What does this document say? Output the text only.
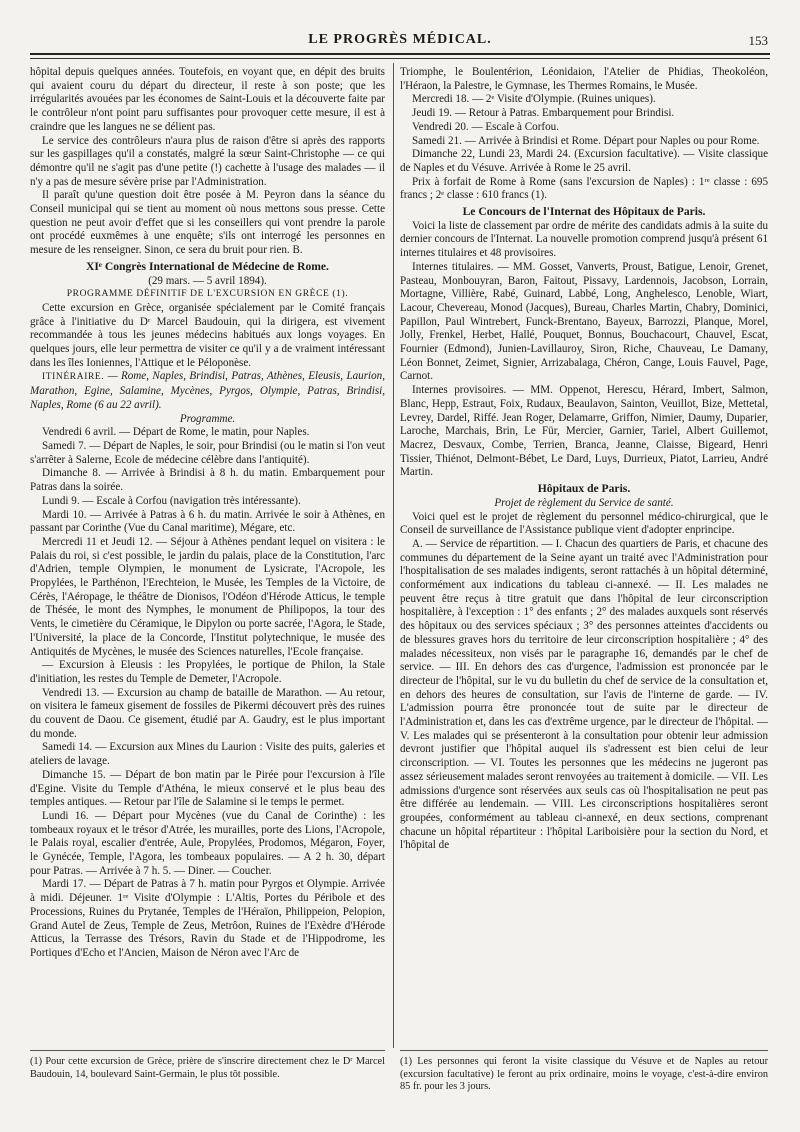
LE PROGRÈS MÉDICAL.	153

hôpital depuis quelques années. Toutefois, en voyant que, en dépit des bruits qui avaient couru du départ du directeur, il reste à son poste; que les irrégularités avouées par les économes de Saint-Louis et la découverte faite par le contrôleur n'ont point paru suffisantes pour provoquer cette mesure, il est à craindre que les langues ne se délient pas.

Le service des contrôleurs n'aura plus de raison d'être si après des rapports sur les gaspillages qu'il a constatés, malgré la sœur Saint-Christophe — ce qui démontre qu'il ne s'agit pas d'une petite (!) cachette à l'usage des malades — il n'y a pas de mesure sévère prise par l'Administration.

Il paraît qu'une question doit être posée à M. Peyron dans la séance du Conseil municipal qui se tient au moment où nous mettons sous presse. Cette question ne peut avoir d'effet que si les conseillers qui vont prendre la parole ont procédé euxmêmes à une enquête; s'ils ont interrogé les personnes en mesure de les renseigner. Sinon, ce sera du bruit pour rien. B.

XIᵉ Congrès International de Médecine de Rome.

(29 mars. — 5 avril 1894).

PROGRAMME DÉFINITIF DE L'EXCURSION EN GRÈCE (1).

Cette excursion en Grèce, organisée spécialement par le Comité français grâce à l'initiative du Dʳ Marcel Baudouin, qui la dirigera, est vivement recommandée à tous les jeunes médecins habitués aux longs voyages. En quelques jours, elle leur permettra de visiter ce qu'il y a de vraiment intéressant dans les îles Ioniennes, l'Attique et le Péloponèse.

ITINÉRAIRE. — Rome, Naples, Brindisi, Patras, Athènes, Eleusis, Laurion, Marathon, Egine, Salamine, Mycènes, Pyrgos, Olympie, Patras, Brindisi, Naples, Rome (6 au 22 avril).

Programme.

Vendredi 6 avril. — Départ de Rome, le matin, pour Naples.

Samedi 7. — Départ de Naples, le soir, pour Brindisi (ou le matin si l'on veut s'arrêter à Salerne, Ecole de médecine célèbre dans l'antiquité).

Dimanche 8. — Arrivée à Brindisi à 8 h. du matin. Embarquement pour Patras dans la soirée.

Lundi 9. — Escale à Corfou (navigation très intéressante).

Mardi 10. — Arrivée à Patras à 6 h. du matin. Arrivée le soir à Athènes, en passant par Corinthe (Vue du Canal maritime), Mégare, etc.

Mercredi 11 et Jeudi 12. — Séjour à Athènes pendant lequel on visitera : le Palais du roi, si c'est possible, le jardin du palais, place de la Constitution, l'arc d'Adrien, temple Olympien, le monument de Lysicrate, l'Acropole, les Propylées, le Parthénon, l'Erechteion, le Musée, les Temples de la Victoire, de Cérès, l'Aéropage, le théâtre de Dionisos, l'Odéon d'Hérode Atticus, le temple de Thésée, le mont des Nymphes, le monument de Philipopos, la tour des Vents, le cimetière du Céramique, le Dipylon ou porte sacrée, l'Agora, le Stade, l'Université, la place de la Concorde, l'Institut polytechnique, le musée des Antiquités de Mycènes, le musée des Sciences naturelles, l'Ecole française.

— Excursion à Eleusis : les Propylées, le portique de Philon, la Stale d'initiation, les restes du Temple de Demeter, l'Acropole.

Vendredi 13. — Excursion au champ de bataille de Marathon. — Au retour, on visitera le fameux gisement de fossiles de Pikermi découvert près des ruines du couvent de Daou. Ce gisement, étudié par A. Gaudry, est le plus important du monde.

Samedi 14. — Excursion aux Mines du Laurion : Visite des puits, galeries et ateliers de lavage.

Dimanche 15. — Départ de bon matin par le Pirée pour l'excursion à l'île d'Egine. Visite du Temple d'Athéna, le mieux conservé et le plus beau des temples antiques. — Retour par l'île de Salamine si le temps le permet.

Lundi 16. — Départ pour Mycènes (vue du Canal de Corinthe) : les tombeaux royaux et le trésor d'Atrée, les murailles, porte des Lions, l'Acropole, le Palais royal, escalier d'entrée, Aule, Propylées, Prodomos, Mégaron, Foyer, le Gynécée, Temple, l'Agora, les tombeaux populaires. — A 2 h. 30, départ pour Patras. — Arrivée à 7 h. 5. — Diner. — Coucher.

Mardi 17. — Départ de Patras à 7 h. matin pour Pyrgos et Olympie. Arrivée à midi. Déjeuner. 1ʳᵉ Visite d'Olympie : L'Altis, Portes du Péribole et des Processions, Ruines du Prytanée, Temples de l'Héraïon, Philippeion, Pelopion, Grand Autel de Zeus, Temple de Zeus, Metrôon, Ruines de l'Exèdre d'Hérode Atticus, la Terrasse des Trésors, Ravin du Stade et de l'Hippodrome, les Portiques d'Echo et l'Ancien, Maison de Néron avec l'Arc de

Triomphe, le Boulentérion, Léonidaion, l'Atelier de Phidias, Theokoléon, l'Héraon, la Palestre, le Gymnase, les Thermes Romains, le Musée.

Mercredi 18. — 2ᵉ Visite d'Olympie. (Ruines uniques).

Jeudi 19. — Retour à Patras. Embarquement pour Brindisi.

Vendredi 20. — Escale à Corfou.

Samedi 21. — Arrivée à Brindisi et Rome. Départ pour Naples ou pour Rome.

Dimanche 22, Lundi 23, Mardi 24. (Excursion facultative). — Visite classique de Naples et du Vésuve. Arrivée à Rome le 25 avril.

Prix à forfait de Rome à Rome (sans l'excursion de Naples) : 1ʳᵉ classe : 695 francs ; 2ᵉ classe : 610 francs (1).

Le Concours de l'Internat des Hôpitaux de Paris.

Voici la liste de classement par ordre de mérite des candidats admis à la suite du dernier concours de l'Internat. La nouvelle promotion comprend jusqu'à présent 61 internes titulaires et 48 provisoires.

Internes titulaires. — MM. Gosset, Vanverts, Proust, Batigue, Lenoir, Grenet, Pasteau, Monbouyran, Baron, Faitout, Pissavy, Lardennois, Jacobson, Lorrain, Mortagne, Villière, Rabé, Guinard, Labbé, Long, Anghelesco, Lenoble, Wiart, Lacour, Chevereau, Monod (Jacques), Bureau, Charles Martin, Chabry, Dominici, Papillon, Paul Wintrebert, Funck-Brentano, Bayeux, Barrozzi, Planque, Morel, Jolly, Frenkel, Herbet, Hallé, Pouquet, Bonnus, Bouchacourt, Chauvel, Escat, Fournier (Edmond), Junien-Lavillauroy, Siron, Riche, Chauveau, Le Damany, Léon Bonnet, Zeimet, Signier, Arrizabalaga, Chéron, Cange, Louis Fauvel, Page, Carnot.

Internes provisoires. — MM. Oppenot, Herescu, Hérard, Imbert, Salmon, Blanc, Hepp, Estraut, Foix, Rudaux, Beaulavon, Sainton, Veuillot, Bize, Mettetal, Levrey, Dardel, Riffé. Jean Roger, Delamarre, Griffon, Nimier, Daumy, Duparier, Laroche, Marchais, Brin, Le Für, Mercier, Garnier, Tariel, Albert Guillemot, Macrez, Desvaux, Combe, Terrien, Branca, Jeanne, Claisse, Bigeard, Henri Tissier, Thiénot, Delmont-Bébet, Le Dard, Luys, Durrieux, Piatot, Larrieu, André Martin.

Hôpitaux de Paris.
Projet de règlement du Service de santé.

Voici quel est le projet de règlement du personnel médico-chirurgical, que le Conseil de surveillance de l'Assistance publique vient d'adopter enprincipe.

A. — Service de répartition. — I. Chacun des quartiers de Paris, et chacune des communes du département de la Seine ayant un traité avec l'Administration pour l'hospitalisation de ses malades indigents, seront rattachés à un hôpital déterminé, conformément aux indications du tableau ci-annexé. — II. Les malades ne peuvent être reçus à titre gratuit que dans l'hôpital de leur circonscription hospitalière, à l'exception : 1° des enfants ; 2° des malades auxquels sont réservés des hôpitaux ou des services spéciaux ; 3° des personnes atteintes d'accidents ou de blessures graves hors du territoire de leur circonscription hospitalière ; 4° des malades nécessiteux, non visés par le paragraphe 16, demandés par le chef de service. — III. En dehors des cas d'urgence, l'admission est prononcée par le directeur de l'hôpital, sur le vu du bulletin du chef de service de la consultation et, en dehors des heures de consultation, sur l'avis de l'interne de garde. — IV. L'admission pourra être prononcée tout de suite par le directeur de l'Administration et, dans les cas d'extrême urgence, par le directeur de l'hôpital. — V. Les malades qui se présenteront à la consultation pour obtenir leur admission devront justifier que l'hôpital auquel ils s'adressent est bien celui de leur circonscription. — VI. Toutes les personnes que les médecins ne jugeront pas assez sérieusement malades seront renvoyées au traitement à domicile. — VII. Les admissions d'urgence sont réservées aux seuls cas où l'hospitalisation ne peut pas être différée au lendemain. — VIII. Les circonscriptions hospitalières seront groupées, conformément au tableau ci-annexé, en deux sections, comprenant chacune un hôpital répartiteur : l'hôpital Lariboisière pour la section du Nord, et l'hôpital de

(1) Pour cette excursion de Grèce, prière de s'inscrire directement chez le Dʳ Marcel Baudouin, 14, boulevard Saint-Germain, le plus tôt possible.
(1) Les personnes qui feront la visite classique du Vésuve et de Naples au retour (excursion facultative) le feront au prix ordinaire, moins le voyage, c'est-à-dire environ 85 fr. pour les 3 jours.
